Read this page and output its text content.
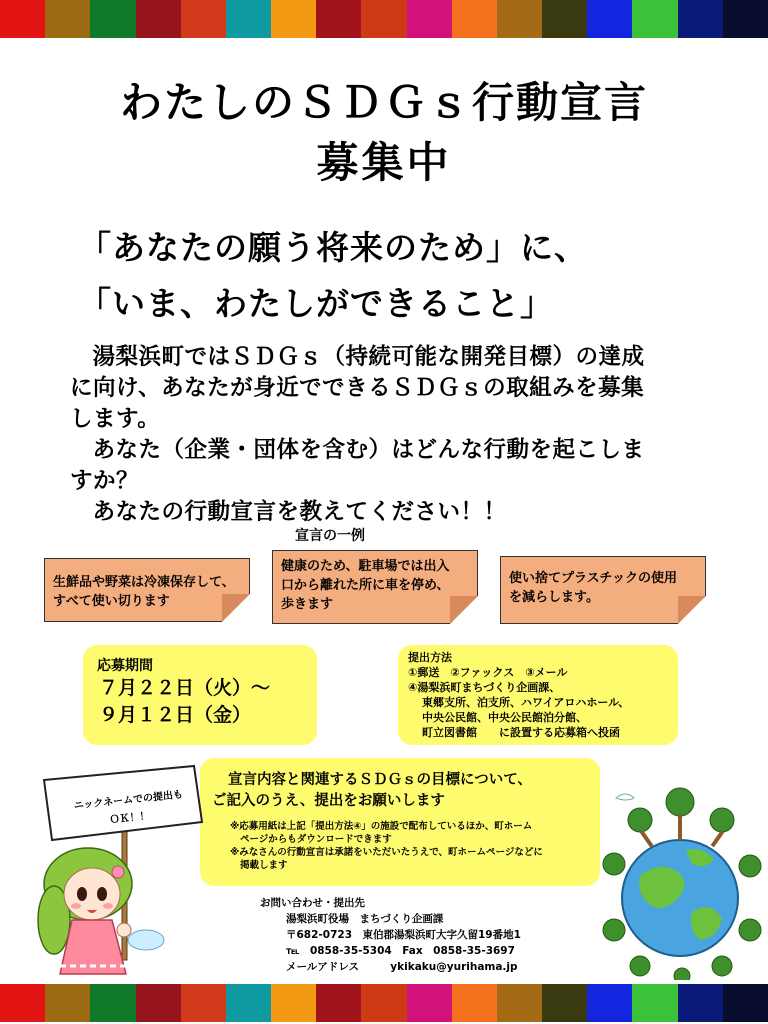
わたしのＳＤＧｓ行動宣言
募集中
「あなたの願う将来のため」に、
「いま、わたしができること」

湯梨浜町ではＳＤＧｓ（持続可能な開発目標）の達成

に向け、あなたが身近でできるＳＤＧｓの取組みを募集

します。

あなた（企業・団体を含む）はどんな行動を起こしま

すか？

あなたの行動宣言を教えてください！！

宣言の一例
生鮮品や野菜は冷凍保存して、
すべて使い切ります
健康のため、駐車場では出入
口から離れた所に車を停め、
歩きます
使い捨てプラスチックの使用
を減らします。
応募期間
７月２２日（火）～
９月１２日（金）
提出方法
①郵送　②ファックス　③メール
④湯梨浜町まちづくり企画課、
東郷支所、泊支所、ハワイアロハホール、
中央公民館、中央公民館泊分館、
町立図書館　　に設置する応募箱へ投函
宣言内容と関連するＳＤＧｓの目標について、
ご記入のうえ、提出をお願いします
※応募用紙は上記「提出方法④」の施設で配布しているほか、町ホーム
ページからもダウンロードできます
※みなさんの行動宣言は承諾をいただいたうえで、町ホームページなどに
掲載します
ニックネームでの提出も
ＯＫ！！
お問い合わせ・提出先
湯梨浜町役場　まちづくり企画課
〒682-0723　東伯郡湯梨浜町大字久留19番地1
℡　0858-35-5304　Fax　0858-35-3697
メールアドレス	ykikaku@yurihama.jp
